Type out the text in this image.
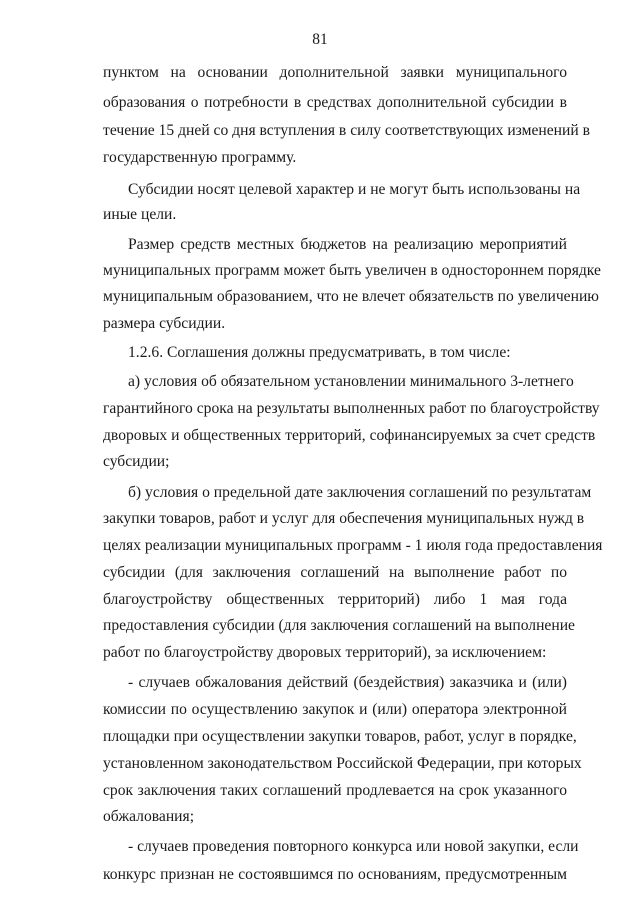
81
пунктом на основании дополнительной заявки муниципального
образования о потребности в средствах дополнительной субсидии в
течение 15 дней со дня вступления в силу соответствующих изменений в
государственную программу.
Субсидии носят целевой характер и не могут быть использованы на
иные цели.
Размер средств местных бюджетов на реализацию мероприятий
муниципальных программ может быть увеличен в одностороннем порядке
муниципальным образованием, что не влечет обязательств по увеличению
размера субсидии.
1.2.6. Соглашения должны предусматривать, в том числе:
а) условия об обязательном установлении минимального 3-летнего
гарантийного срока на результаты выполненных работ по благоустройству
дворовых и общественных территорий, софинансируемых за счет средств
субсидии;
б) условия о предельной дате заключения соглашений по результатам
закупки товаров, работ и услуг для обеспечения муниципальных нужд в
целях реализации муниципальных программ - 1 июля года предоставления
субсидии (для заключения соглашений на выполнение работ по
благоустройству общественных территорий) либо 1 мая года
предоставления субсидии (для заключения соглашений на выполнение
работ по благоустройству дворовых территорий), за исключением:
- случаев обжалования действий (бездействия) заказчика и (или)
комиссии по осуществлению закупок и (или) оператора электронной
площадки при осуществлении закупки товаров, работ, услуг в порядке,
установленном законодательством Российской Федерации, при которых
срок заключения таких соглашений продлевается на срок указанного
обжалования;
- случаев проведения повторного конкурса или новой закупки, если
конкурс признан не состоявшимся по основаниям, предусмотренным
